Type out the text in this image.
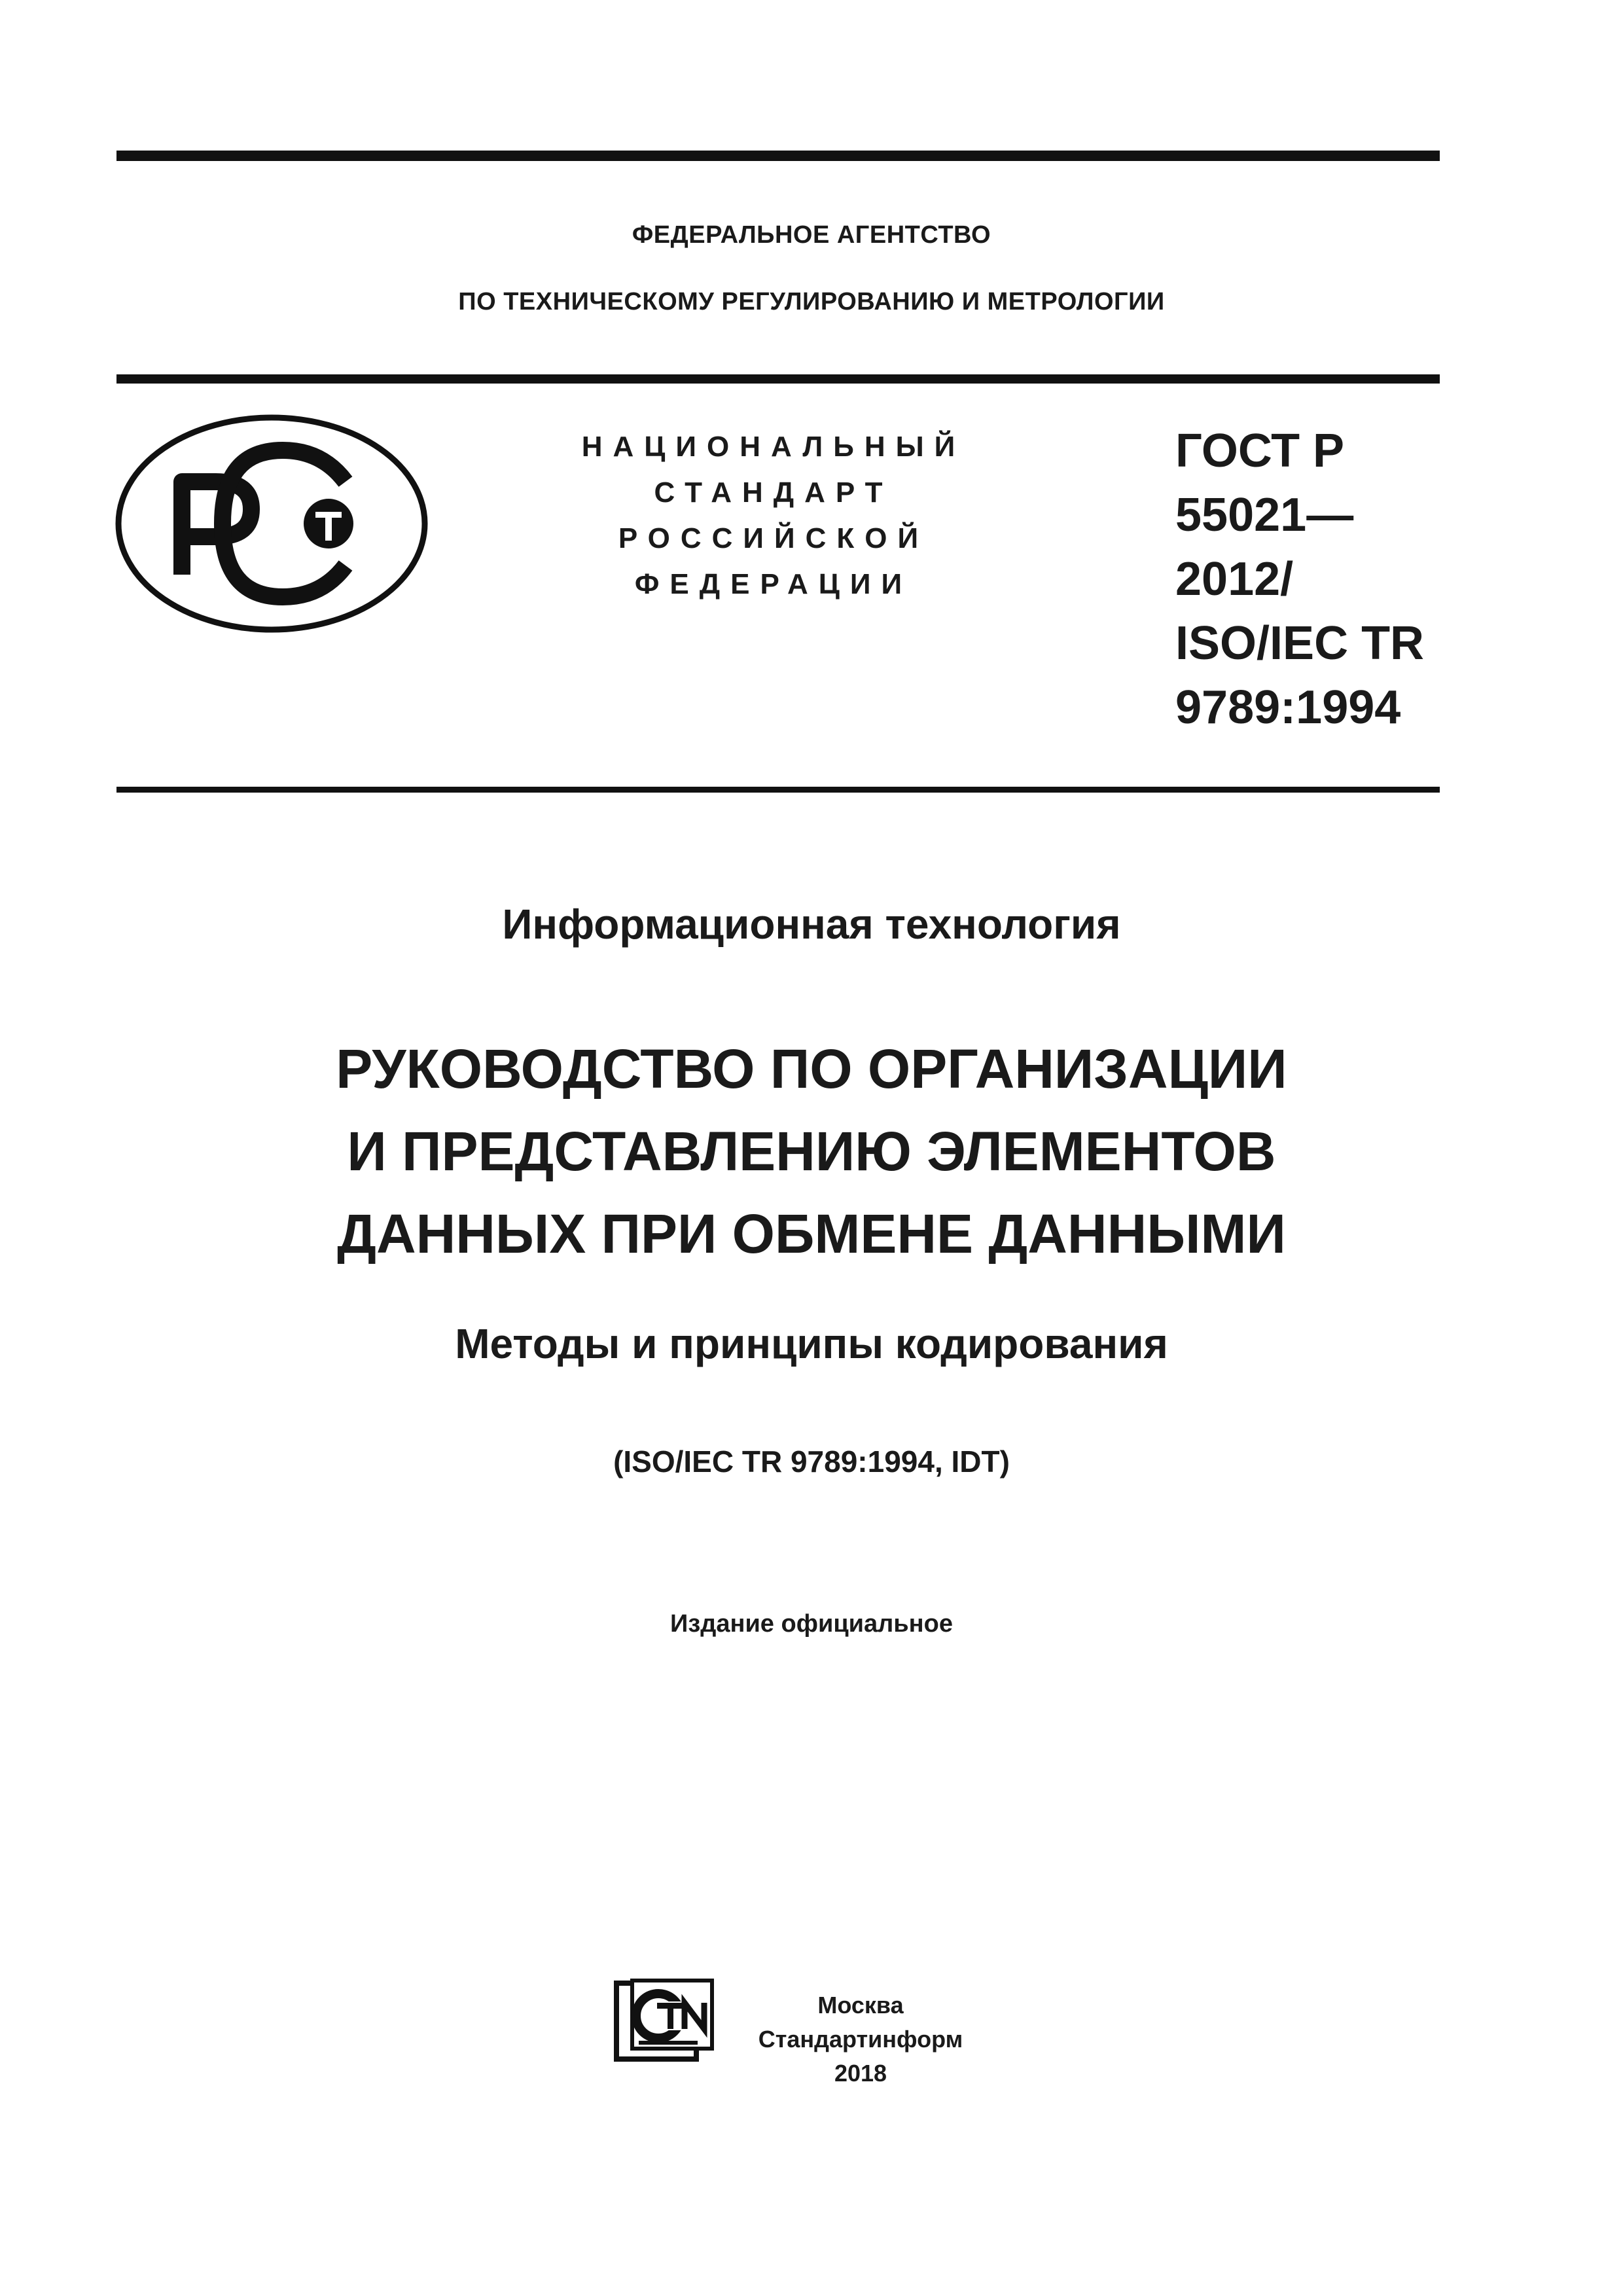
ФЕДЕРАЛЬНОЕ АГЕНТСТВО
ПО ТЕХНИЧЕСКОМУ РЕГУЛИРОВАНИЮ И МЕТРОЛОГИИ
НАЦИОНАЛЬНЫЙ
СТАНДАРТ
РОССИЙСКОЙ
ФЕДЕРАЦИИ
ГОСТ Р
55021—
2012/
ISO/IEC TR
9789:1994
Информационная технология
РУКОВОДСТВО ПО ОРГАНИЗАЦИИ
И ПРЕДСТАВЛЕНИЮ ЭЛЕМЕНТОВ
ДАННЫХ ПРИ ОБМЕНЕ ДАННЫМИ
Методы и принципы кодирования
(ISO/IEC TR 9789:1994, IDT)
Издание официальное
Москва
Стандартинформ
2018
